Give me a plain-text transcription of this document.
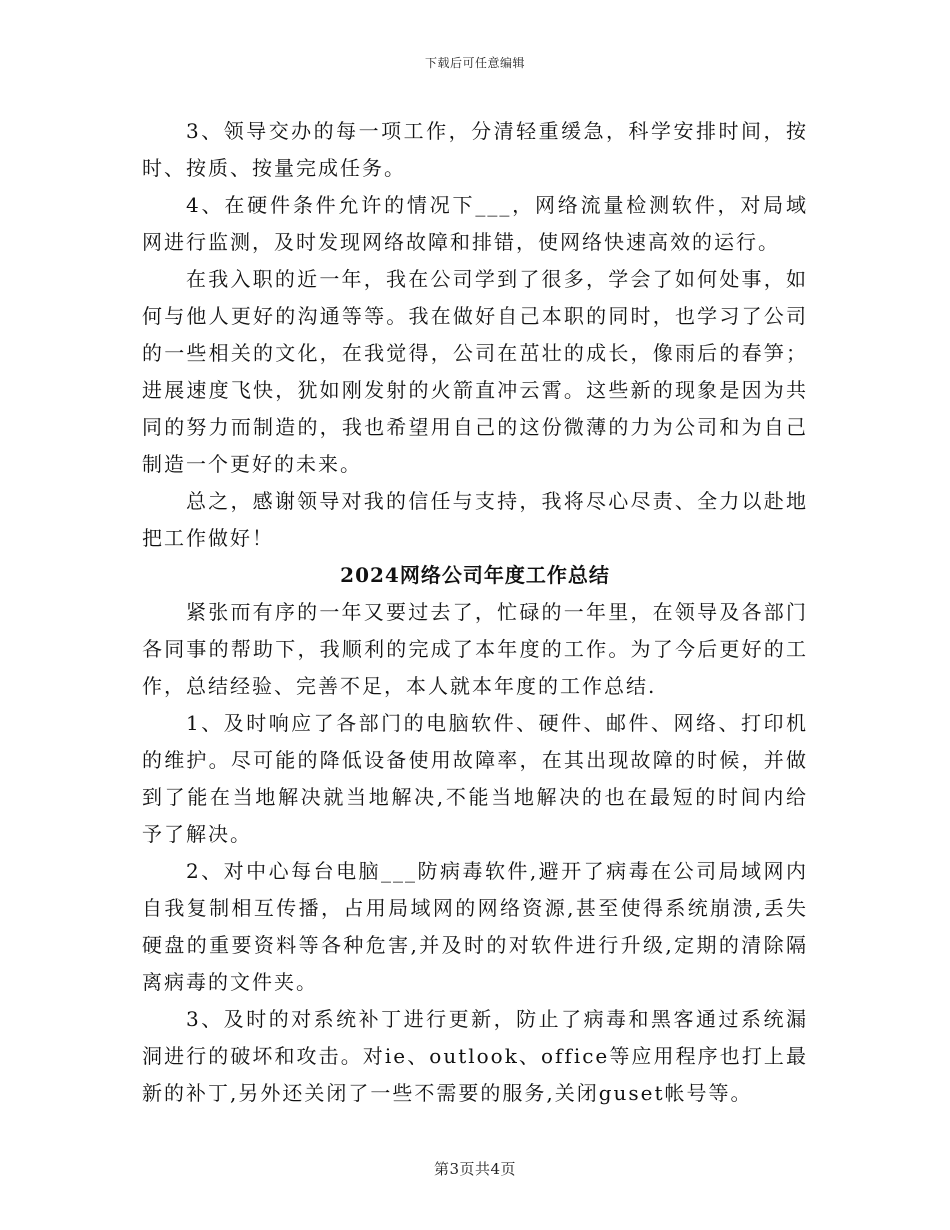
下载后可任意编辑

3、领导交办的每一项工作，分清轻重缓急，科学安排时间，按时、按质、按量完成任务。

4、在硬件条件允许的情况下___，网络流量检测软件，对局域网进行监测，及时发现网络故障和排错，使网络快速高效的运行。

在我入职的近一年，我在公司学到了很多，学会了如何处事，如何与他人更好的沟通等等。我在做好自己本职的同时，也学习了公司的一些相关的文化，在我觉得，公司在茁壮的成长，像雨后的春笋；进展速度飞快，犹如刚发射的火箭直冲云霄。这些新的现象是因为共同的努力而制造的，我也希望用自己的这份微薄的力为公司和为自己制造一个更好的未来。

总之，感谢领导对我的信任与支持，我将尽心尽责、全力以赴地把工作做好！

2024网络公司年度工作总结

紧张而有序的一年又要过去了，忙碌的一年里，在领导及各部门各同事的帮助下，我顺利的完成了本年度的工作。为了今后更好的工作，总结经验、完善不足，本人就本年度的工作总结.

1、及时响应了各部门的电脑软件、硬件、邮件、网络、打印机的维护。尽可能的降低设备使用故障率，在其出现故障的时候，并做到了能在当地解决就当地解决,不能当地解决的也在最短的时间内给予了解决。

2、对中心每台电脑___防病毒软件,避开了病毒在公司局域网内自我复制相互传播，占用局域网的网络资源,甚至使得系统崩溃,丢失硬盘的重要资料等各种危害,并及时的对软件进行升级,定期的清除隔离病毒的文件夹。

3、及时的对系统补丁进行更新，防止了病毒和黑客通过系统漏洞进行的破坏和攻击。对ie、outlook、office等应用程序也打上最新的补丁,另外还关闭了一些不需要的服务,关闭guset帐号等。

第3页共4页
